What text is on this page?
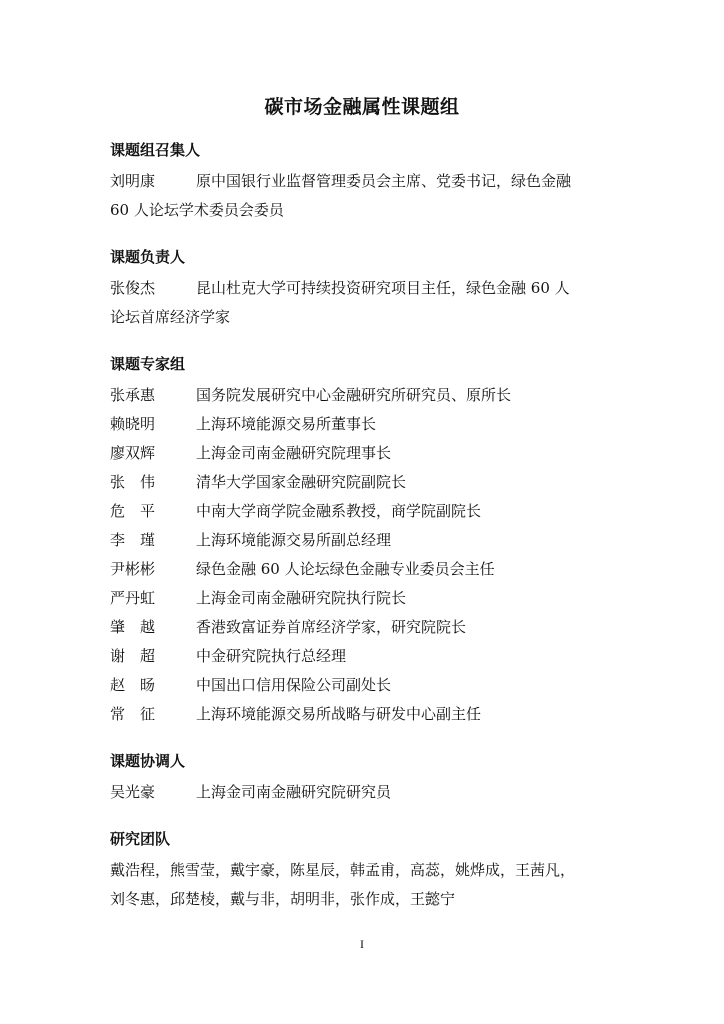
碳市场金融属性课题组
课题组召集人
刘明康	原中国银行业监督管理委员会主席、党委书记，绿色金融
60 人论坛学术委员会委员
课题负责人
张俊杰	昆山杜克大学可持续投资研究项目主任，绿色金融 60 人
论坛首席经济学家
课题专家组
张承惠	国务院发展研究中心金融研究所研究员、原所长
赖晓明	上海环境能源交易所董事长
廖双辉	上海金司南金融研究院理事长
张　伟	清华大学国家金融研究院副院长
危　平	中南大学商学院金融系教授，商学院副院长
李　瑾	上海环境能源交易所副总经理
尹彬彬	绿色金融 60 人论坛绿色金融专业委员会主任
严丹虹	上海金司南金融研究院执行院长
肇　越	香港致富证券首席经济学家，研究院院长
谢　超	中金研究院执行总经理
赵　旸	中国出口信用保险公司副处长
常　征	上海环境能源交易所战略与研发中心副主任
课题协调人
吴光豪	上海金司南金融研究院研究员
研究团队
戴浩程，熊雪莹，戴宇豪，陈星辰，韩孟甫，高蕊，姚烨成，王茜凡，
刘冬惠，邱楚棱，戴与非，胡明非，张作成，王懿宁
I
